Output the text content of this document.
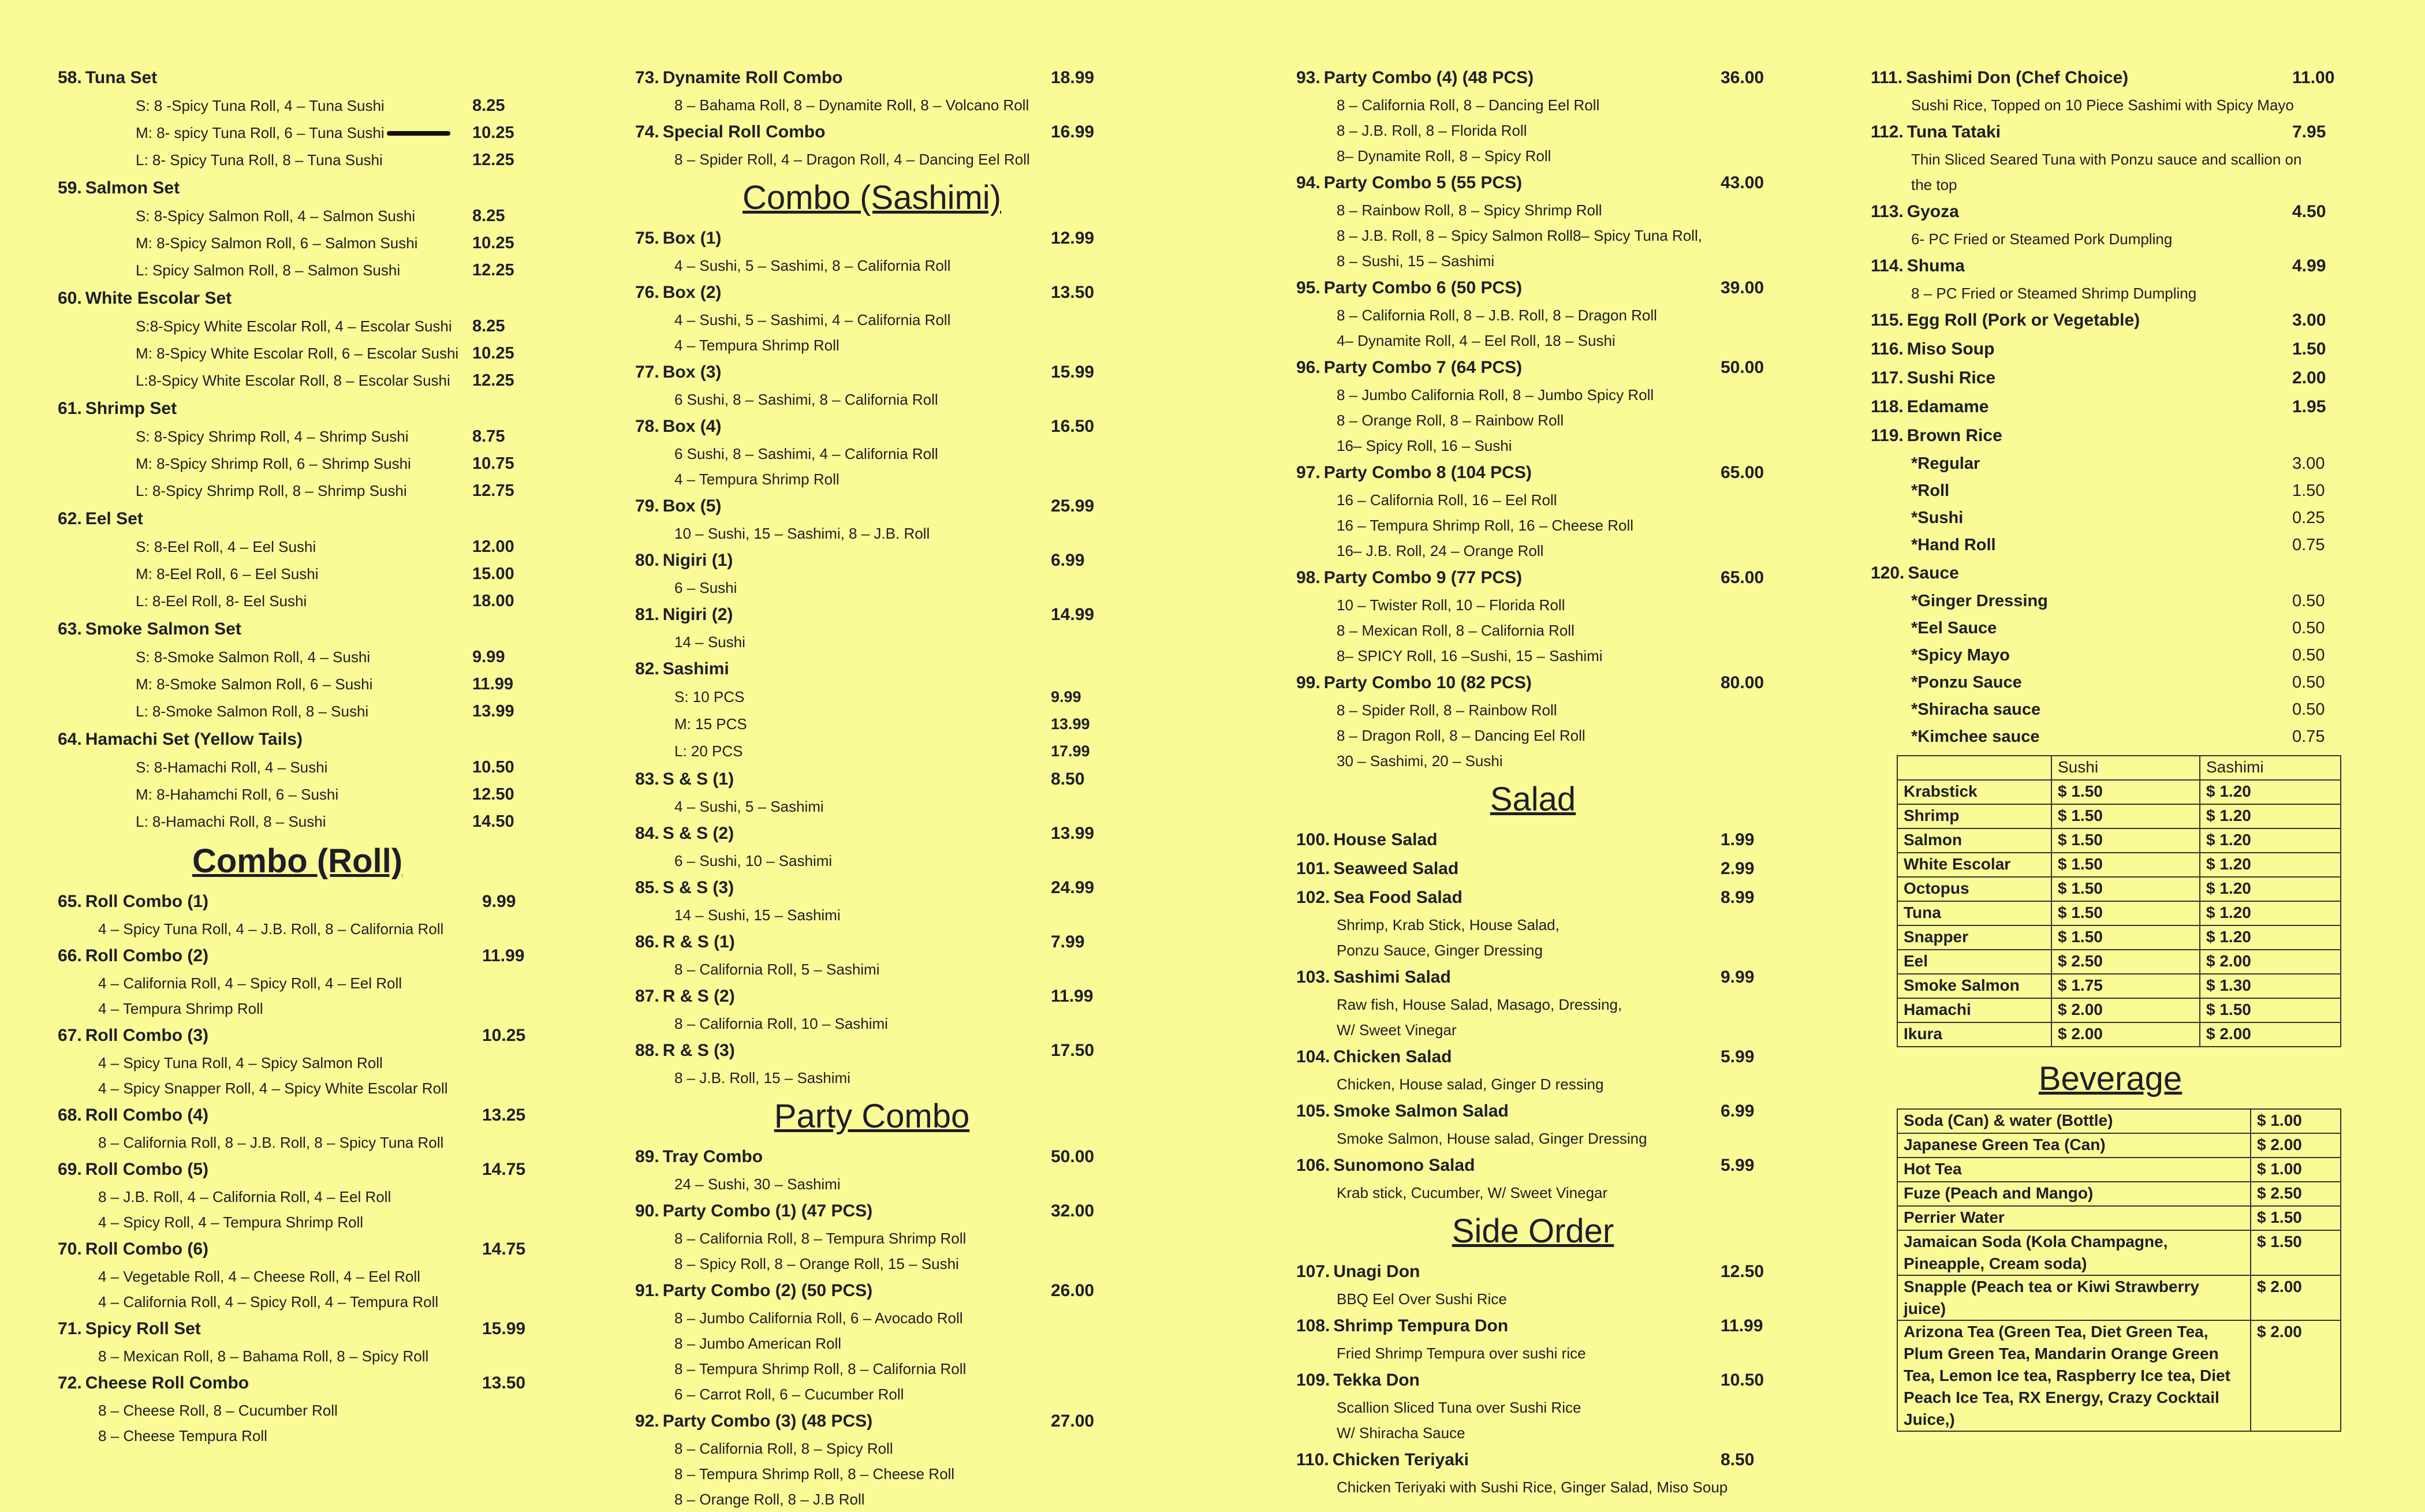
58. Tuna Set
S: 8 -Spicy Tuna Roll, 4 – Tuna Sushi	8.25
M: 8- spicy Tuna Roll, 6 – Tuna Sushi	10.25
L: 8- Spicy Tuna Roll, 8 – Tuna Sushi	12.25
59. Salmon Set
S: 8-Spicy Salmon Roll, 4 – Salmon Sushi	8.25
M: 8-Spicy Salmon Roll, 6 – Salmon Sushi	10.25
L: Spicy Salmon Roll, 8 – Salmon Sushi	12.25
60. White Escolar Set
S:8-Spicy White Escolar Roll, 4 – Escolar Sushi 8.25
M: 8-Spicy White Escolar Roll, 6 – Escolar Sushi 10.25
L:8-Spicy White Escolar Roll, 8 – Escolar Sushi 12.25
61. Shrimp Set
S: 8-Spicy Shrimp Roll, 4 – Shrimp Sushi	8.75
M: 8-Spicy Shrimp Roll, 6 – Shrimp Sushi	10.75
L: 8-Spicy Shrimp Roll, 8 – Shrimp Sushi	12.75
62. Eel Set
S: 8-Eel Roll, 4 – Eel Sushi	12.00
M: 8-Eel Roll, 6 – Eel Sushi	15.00
L: 8-Eel Roll, 8- Eel Sushi	18.00
63. Smoke Salmon Set
S: 8-Smoke Salmon Roll, 4 – Sushi	9.99
M: 8-Smoke Salmon Roll, 6 – Sushi	11.99
L: 8-Smoke Salmon Roll, 8 – Sushi	13.99
64. Hamachi Set (Yellow Tails)
S: 8-Hamachi Roll, 4 – Sushi	10.50
M: 8-Hahamchi Roll, 6 – Sushi	12.50
L: 8-Hamachi Roll, 8 – Sushi	14.50
Combo (Roll)
65. Roll Combo (1)	9.99
4 – Spicy Tuna Roll, 4 – J.B. Roll, 8 – California Roll
66. Roll Combo (2)	11.99
4 – California Roll, 4 – Spicy Roll, 4 – Eel Roll
4 – Tempura Shrimp Roll
67. Roll Combo (3)	10.25
4 – Spicy Tuna Roll, 4 – Spicy Salmon Roll
4 – Spicy Snapper Roll, 4 – Spicy White Escolar Roll
68. Roll Combo (4)	13.25
8 – California Roll, 8 – J.B. Roll, 8 – Spicy Tuna Roll
69. Roll Combo (5)	14.75
8 – J.B. Roll, 4 – California Roll, 4 – Eel Roll
4 – Spicy Roll, 4 – Tempura Shrimp Roll
70. Roll Combo (6)	14.75
4 – Vegetable Roll, 4 – Cheese Roll, 4 – Eel Roll
4 – California Roll, 4 – Spicy Roll, 4 – Tempura Roll
71. Spicy Roll Set	15.99
8 – Mexican Roll, 8 – Bahama Roll, 8 – Spicy Roll
72. Cheese Roll Combo	13.50
8 – Cheese Roll, 8 – Cucumber Roll
8 – Cheese Tempura Roll
73. Dynamite Roll Combo	18.99
8 – Bahama Roll, 8 – Dynamite Roll, 8 – Volcano Roll
74. Special Roll Combo	16.99
8 – Spider Roll, 4 – Dragon Roll, 4 – Dancing Eel Roll
Combo (Sashimi)
75. Box (1)	12.99
4 – Sushi, 5 – Sashimi, 8 – California Roll
76. Box (2)	13.50
4 – Sushi, 5 – Sashimi, 4 – California Roll
4 – Tempura Shrimp Roll
77. Box (3)	15.99
6 Sushi, 8 – Sashimi, 8 – California Roll
78. Box (4)	16.50
6 Sushi, 8 – Sashimi, 4 – California Roll
4 – Tempura Shrimp Roll
79. Box (5)	25.99
10 – Sushi, 15 – Sashimi, 8 – J.B. Roll
80. Nigiri (1)	6.99
6 – Sushi
81. Nigiri (2)	14.99
14 – Sushi
82. Sashimi
S: 10 PCS	9.99
M: 15 PCS	13.99
L: 20 PCS	17.99
83. S & S (1)	8.50
4 – Sushi, 5 – Sashimi
84. S & S (2)	13.99
6 – Sushi, 10 – Sashimi
85. S & S (3)	24.99
14 – Sushi, 15 – Sashimi
86. R & S (1)	7.99
8 – California Roll, 5 – Sashimi
87. R & S (2)	11.99
8 – California Roll, 10 – Sashimi
88. R & S (3)	17.50
8 – J.B. Roll, 15 – Sashimi
Party Combo
89. Tray Combo	50.00
24 – Sushi, 30 – Sashimi
90. Party Combo (1) (47 PCS)	32.00
8 – California Roll, 8 – Tempura Shrimp Roll
8 – Spicy Roll, 8 – Orange Roll, 15 – Sushi
91. Party Combo (2) (50 PCS)	26.00
8 – Jumbo California Roll, 6 – Avocado Roll
8 – Jumbo American Roll
8 – Tempura Shrimp Roll, 8 – California Roll
6 – Carrot Roll, 6 – Cucumber Roll
92. Party Combo (3) (48 PCS)	27.00
8 – California Roll, 8 – Spicy Roll
8 – Tempura Shrimp Roll, 8 – Cheese Roll
8 – Orange Roll, 8 – J.B Roll
93. Party Combo (4) (48 PCS)	36.00
8 – California Roll, 8 – Dancing Eel Roll
8 – J.B. Roll, 8 – Florida Roll
8– Dynamite Roll, 8 – Spicy Roll
94. Party Combo 5 (55 PCS)	43.00
8 – Rainbow Roll, 8 – Spicy Shrimp Roll
8 – J.B. Roll, 8 – Spicy Salmon Roll8– Spicy Tuna Roll,
8 – Sushi, 15 – Sashimi
95. Party Combo 6 (50 PCS)	39.00
8 – California Roll, 8 – J.B. Roll, 8 – Dragon Roll
4– Dynamite Roll, 4 – Eel Roll, 18 – Sushi
96. Party Combo 7 (64 PCS)	50.00
8 – Jumbo California Roll, 8 – Jumbo Spicy Roll
8 – Orange Roll, 8 – Rainbow Roll
16– Spicy Roll, 16 – Sushi
97. Party Combo 8 (104 PCS)	65.00
16 – California Roll, 16 – Eel Roll
16 – Tempura Shrimp Roll, 16 – Cheese Roll
16– J.B. Roll, 24 – Orange Roll
98. Party Combo 9 (77 PCS)	65.00
10 – Twister Roll, 10 – Florida Roll
8 – Mexican Roll, 8 – California Roll
8– SPICY Roll, 16 –Sushi, 15 – Sashimi
99. Party Combo 10 (82 PCS)	80.00
8 – Spider Roll, 8 – Rainbow Roll
8 – Dragon Roll, 8 – Dancing Eel Roll
30 – Sashimi, 20 – Sushi
Salad
100. House Salad	1.99
101. Seaweed Salad	2.99
102. Sea Food Salad	8.99
Shrimp, Krab Stick, House Salad,
Ponzu Sauce, Ginger Dressing
103. Sashimi Salad	9.99
Raw fish, House Salad, Masago, Dressing,
W/ Sweet Vinegar
104. Chicken Salad	5.99
Chicken, House salad, Ginger D ressing
105. Smoke Salmon Salad	6.99
Smoke Salmon, House salad, Ginger Dressing
106. Sunomono Salad	5.99
Krab stick, Cucumber, W/ Sweet Vinegar
Side Order
107. Unagi Don	12.50
BBQ Eel Over Sushi Rice
108. Shrimp Tempura Don	11.99
Fried Shrimp Tempura over sushi rice
109. Tekka Don	10.50
Scallion Sliced Tuna over Sushi Rice
W/ Shiracha Sauce
110. Chicken Teriyaki	8.50
Chicken Teriyaki with Sushi Rice, Ginger Salad, Miso Soup
111. Sashimi Don (Chef Choice)	11.00
Sushi Rice, Topped on 10 Piece Sashimi with Spicy Mayo
112. Tuna Tataki	7.95
Thin Sliced Seared Tuna with Ponzu sauce and scallion on
the top
113. Gyoza	4.50
6- PC Fried or Steamed Pork Dumpling
114. Shuma	4.99
8 – PC Fried or Steamed Shrimp Dumpling
115. Egg Roll (Pork or Vegetable)	3.00
116. Miso Soup	1.50
117. Sushi Rice	2.00
118. Edamame	1.95
119. Brown Rice
*Regular	3.00
*Roll	1.50
*Sushi	0.25
*Hand Roll	0.75
120. Sauce
*Ginger Dressing	0.50
*Eel Sauce	0.50
*Spicy Mayo	0.50
*Ponzu Sauce	0.50
*Shiracha sauce	0.50
*Kimchee sauce	0.75
	Sushi	Sashimi
Krabstick	$ 1.50	$ 1.20
Shrimp	$ 1.50	$ 1.20
Salmon	$ 1.50	$ 1.20
White Escolar	$ 1.50	$ 1.20
Octopus	$ 1.50	$ 1.20
Tuna	$ 1.50	$ 1.20
Snapper	$ 1.50	$ 1.20
Eel	$ 2.50	$ 2.00
Smoke Salmon	$ 1.75	$ 1.30
Hamachi	$ 2.00	$ 1.50
Ikura	$ 2.00	$ 2.00
Beverage
Soda (Can) & water (Bottle)	$ 1.00
Japanese Green Tea (Can)	$ 2.00
Hot Tea	$ 1.00
Fuze (Peach and Mango)	$ 2.50
Perrier Water	$ 1.50
Jamaican Soda (Kola Champagne, Pineapple, Cream soda)	$ 1.50
Snapple (Peach tea or Kiwi Strawberry juice)	$ 2.00
Arizona Tea (Green Tea, Diet Green Tea, Plum Green Tea, Mandarin Orange Green Tea, Lemon Ice tea, Raspberry Ice tea, Diet Peach Ice Tea, RX Energy, Crazy Cocktail Juice,)	$ 2.00
